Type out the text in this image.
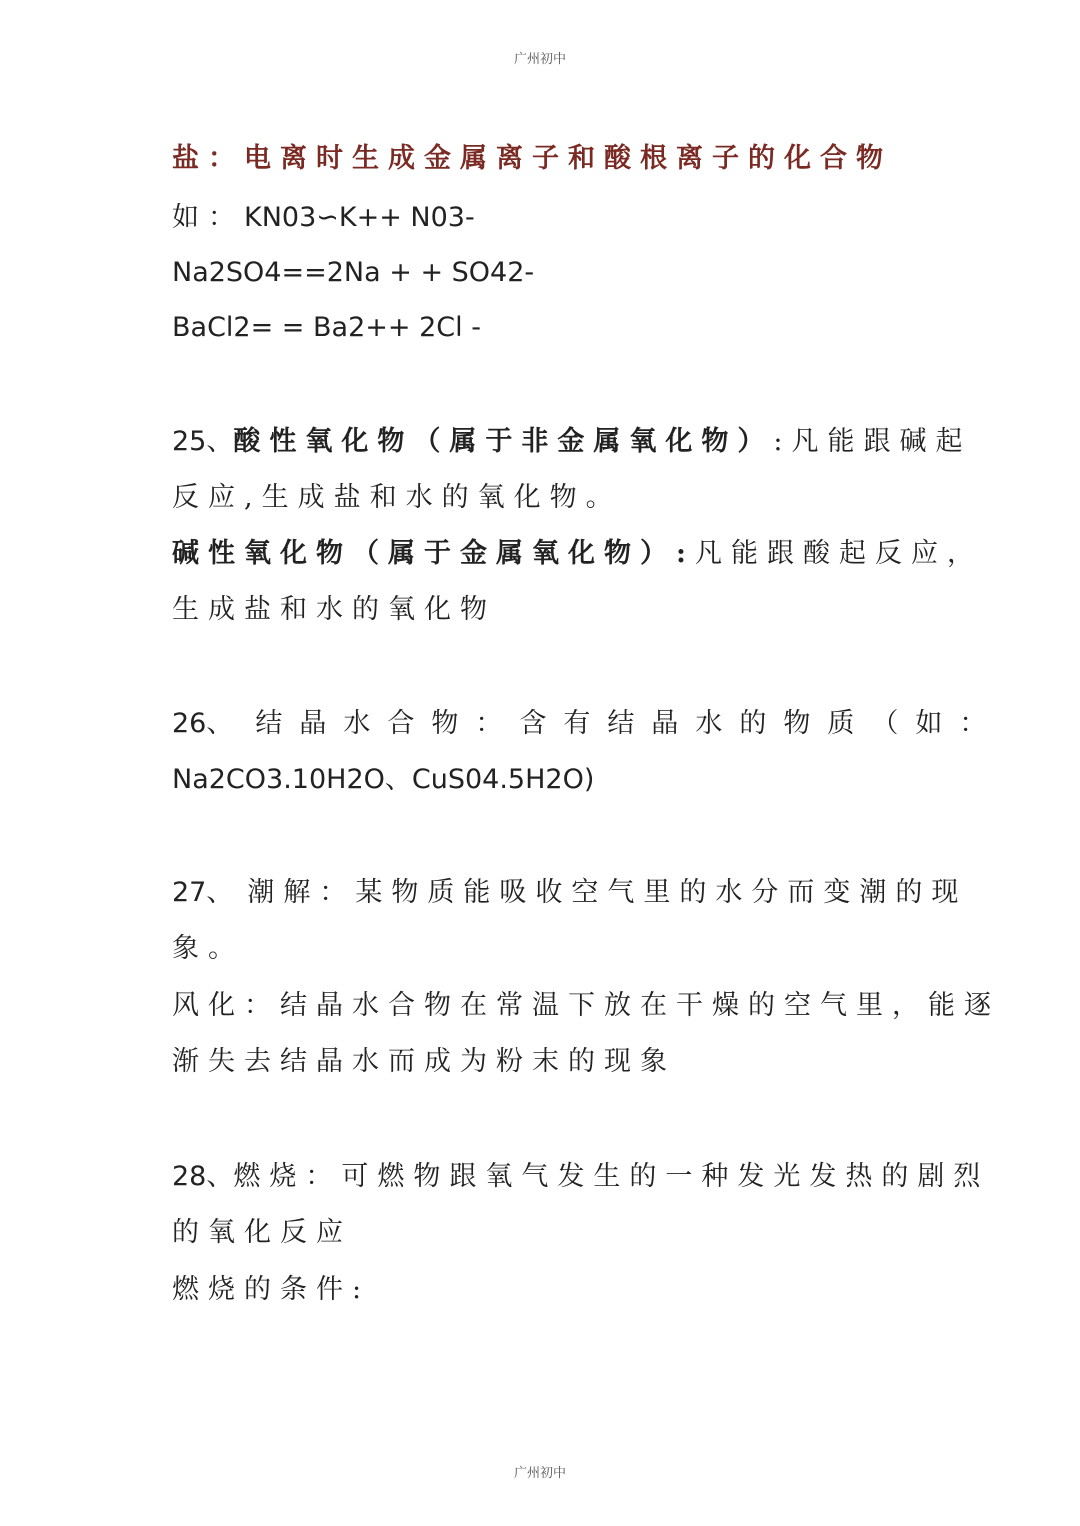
广州初中
盐：电离时生成金属离子和酸根离子的化合物
如：KN03∽K++ N03-
Na2SO4==2Na + + SO42-
BaCl2= = Ba2++ 2Cl -
25、酸性氧化物（属于非金属氧化物）:凡能跟碱起
反应,生成盐和水的氧化物。
碱性氧化物（属于金属氧化物）:凡能跟酸起反应，
生成盐和水的氧化物
26、 结晶水合物：含有结晶水的物质（如：
Na2CO3.10H2O、CuS04.5H2O)
27、 潮解：某物质能吸收空气里的水分而变潮的现
象。
风化：结晶水合物在常温下放在干燥的空气里，能逐
渐失去结晶水而成为粉末的现象
28、燃烧：可燃物跟氧气发生的一种发光发热的剧烈
的氧化反应
燃烧的条件:
广州初中
